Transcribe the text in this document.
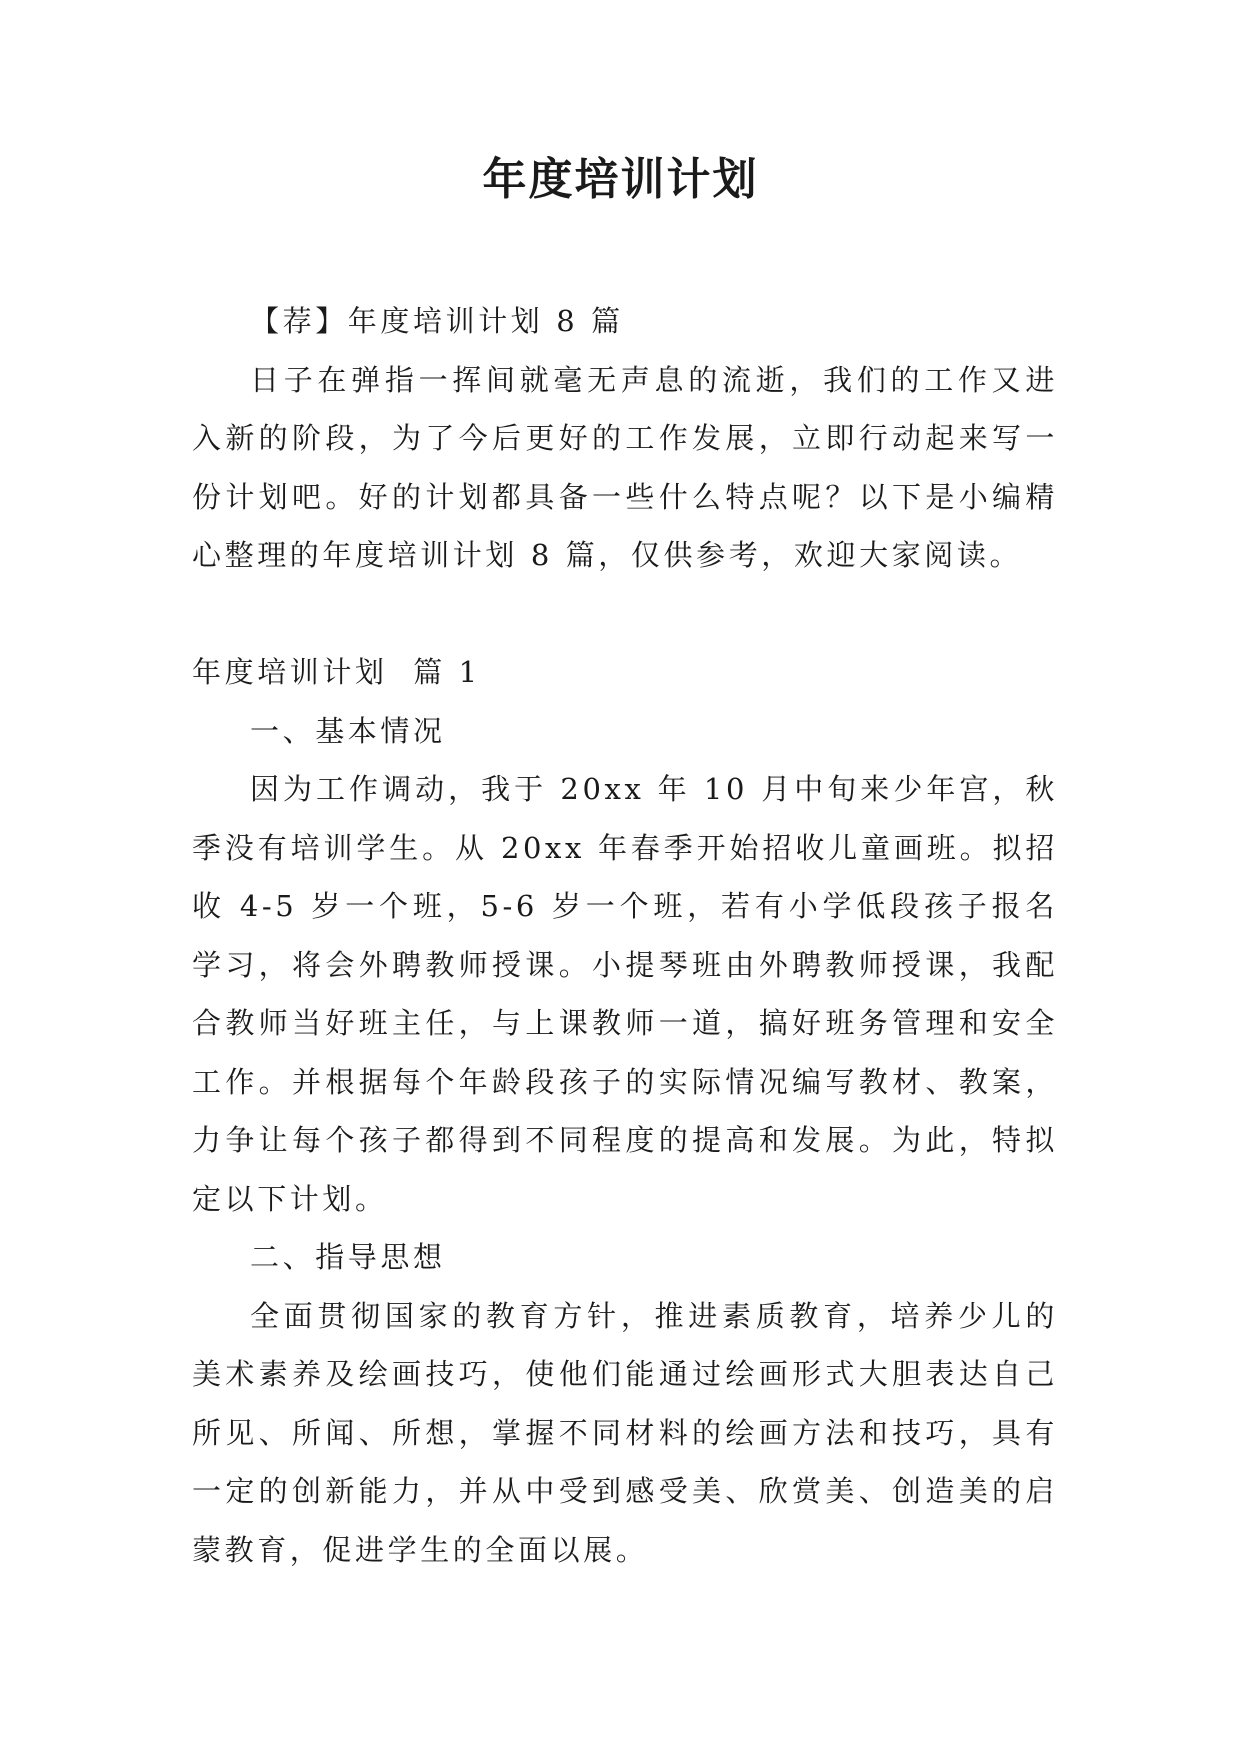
年度培训计划

【荐】年度培训计划 8 篇

日子在弹指一挥间就毫无声息的流逝，我们的工作又进入新的阶段，为了今后更好的工作发展，立即行动起来写一份计划吧。好的计划都具备一些什么特点呢？以下是小编精心整理的年度培训计划 8 篇，仅供参考，欢迎大家阅读。

年度培训计划  篇 1

一、基本情况

因为工作调动，我于 20xx 年 10 月中旬来少年宫，秋季没有培训学生。从 20xx 年春季开始招收儿童画班。拟招收 4-5 岁一个班，5-6 岁一个班，若有小学低段孩子报名学习，将会外聘教师授课。小提琴班由外聘教师授课，我配合教师当好班主任，与上课教师一道，搞好班务管理和安全工作。并根据每个年龄段孩子的实际情况编写教材、教案，力争让每个孩子都得到不同程度的提高和发展。为此，特拟定以下计划。

二、指导思想

全面贯彻国家的教育方针，推进素质教育，培养少儿的美术素养及绘画技巧，使他们能通过绘画形式大胆表达自己所见、所闻、所想，掌握不同材料的绘画方法和技巧，具有一定的创新能力，并从中受到感受美、欣赏美、创造美的启蒙教育，促进学生的全面以展。
